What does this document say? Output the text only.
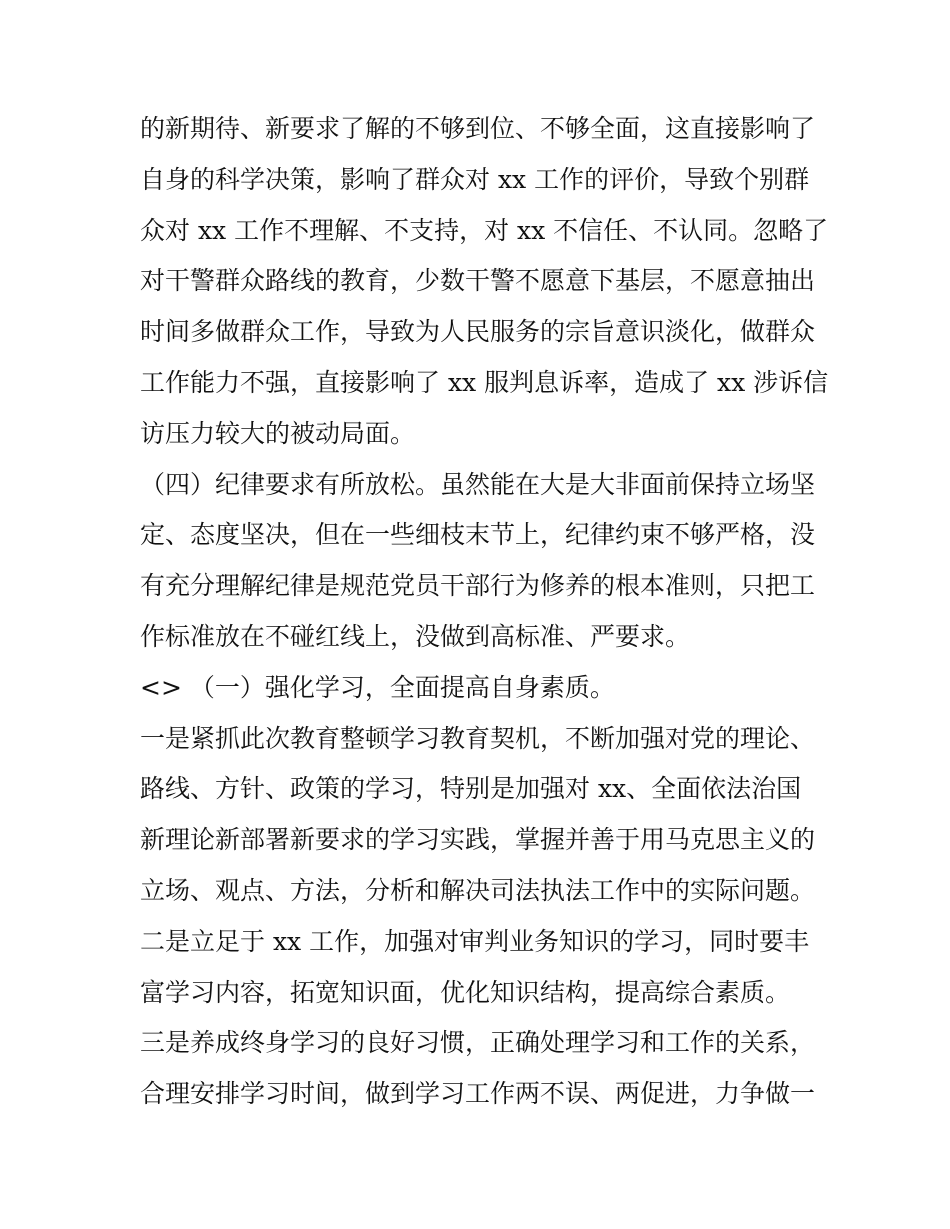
的新期待、新要求了解的不够到位、不够全面，这直接影响了
自身的科学决策，影响了群众对 xx 工作的评价，导致个别群
众对 xx 工作不理解、不支持，对 xx 不信任、不认同。忽略了
对干警群众路线的教育，少数干警不愿意下基层，不愿意抽出
时间多做群众工作，导致为人民服务的宗旨意识淡化，做群众
工作能力不强，直接影响了 xx 服判息诉率，造成了 xx 涉诉信
访压力较大的被动局面。
（四）纪律要求有所放松。虽然能在大是大非面前保持立场坚
定、态度坚决，但在一些细枝末节上，纪律约束不够严格，没
有充分理解纪律是规范党员干部行为修养的根本准则，只把工
作标准放在不碰红线上，没做到高标准、严要求。
<> （一）强化学习，全面提高自身素质。
一是紧抓此次教育整顿学习教育契机，不断加强对党的理论、
路线、方针、政策的学习，特别是加强对 xx、全面依法治国
新理论新部署新要求的学习实践，掌握并善于用马克思主义的
立场、观点、方法，分析和解决司法执法工作中的实际问题。
二是立足于 xx 工作，加强对审判业务知识的学习，同时要丰
富学习内容，拓宽知识面，优化知识结构，提高综合素质。
三是养成终身学习的良好习惯，正确处理学习和工作的关系，
合理安排学习时间，做到学习工作两不误、两促进，力争做一
